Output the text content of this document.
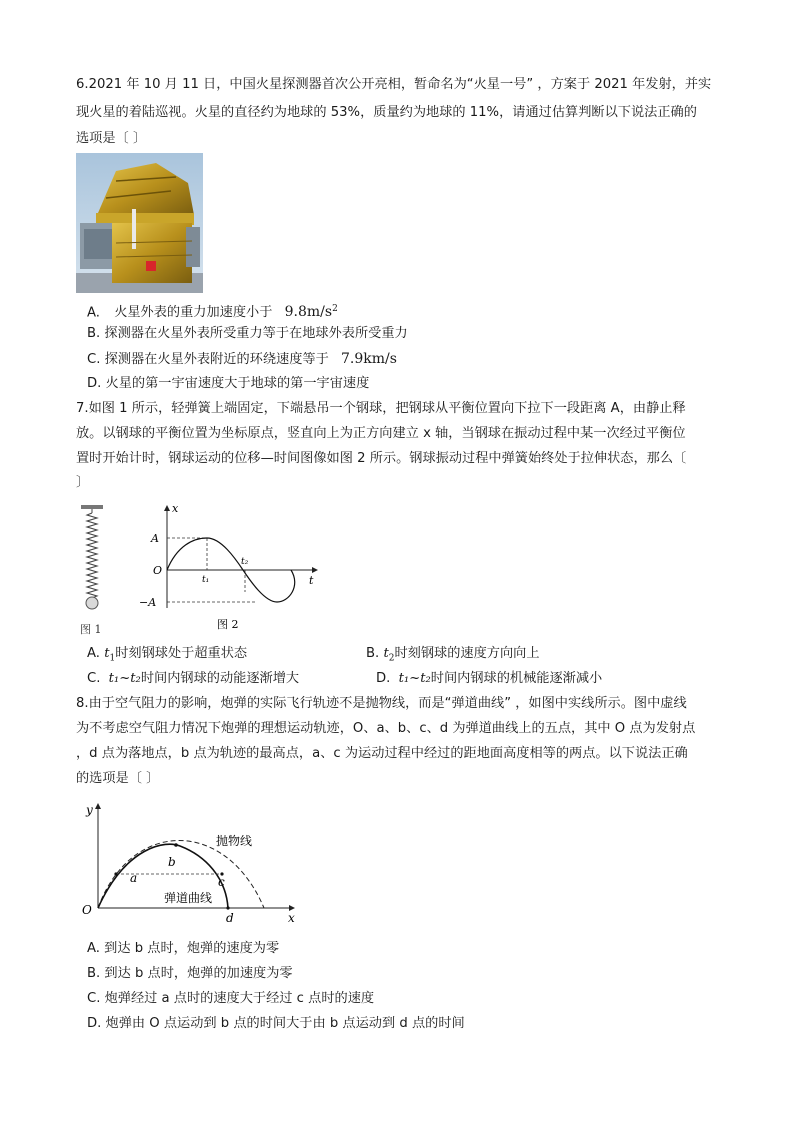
6.2021 年 10 月 11 日，中国火星探测器首次公开亮相，暂命名为“火星一号” ，方案于 2021 年发射，并实
现火星的着陆巡视。火星的直径约为地球的 53%，质量约为地球的 11%，请通过估算判断以下说法正确的
选项是〔 〕
A. 火星外表的重力加速度小于 $9.8m/s^2$
B. 探测器在火星外表所受重力等于在地球外表所受重力
C. 探测器在火星外表附近的环绕速度等于 7.9km/s
D. 火星的第一宇宙速度大于地球的第一宇宙速度
7.如图 1 所示，轻弹簧上端固定，下端悬吊一个钢球，把钢球从平衡位置向下拉下一段距离 A，由静止释
放。以钢球的平衡位置为坐标原点，竖直向上为正方向建立 x 轴，当钢球在振动过程中某一次经过平衡位
置时开始计时，钢球运动的位移—时间图像如图 2 所示。钢球振动过程中弹簧始终处于拉伸状态，那么〔
〕
图 1
x
t
O
A
−A
t₁
t₂
图 2
A. $t_1$时刻钢球处于超重状态	B. $t_2$时刻钢球的速度方向向上
C. t₁~t₂时间内钢球的动能逐渐增大	D. t₁~t₂时间内钢球的机械能逐渐减小
8.由于空气阻力的影响，炮弹的实际飞行轨迹不是抛物线，而是“弹道曲线” ，如图中实线所示。图中虚线
为不考虑空气阻力情况下炮弹的理想运动轨迹，O、a、b、c、d 为弹道曲线上的五点，其中 O 点为发射点
，d 点为落地点，b 点为轨迹的最高点，a、c 为运动过程中经过的距地面高度相等的两点。以下说法正确
的选项是〔 〕
y
x
O
a
b
c
d
抛物线
弹道曲线
A. 到达 b 点时，炮弹的速度为零
B. 到达 b 点时，炮弹的加速度为零
C. 炮弹经过 a 点时的速度大于经过 c 点时的速度
D. 炮弹由 O 点运动到 b 点的时间大于由 b 点运动到 d 点的时间
